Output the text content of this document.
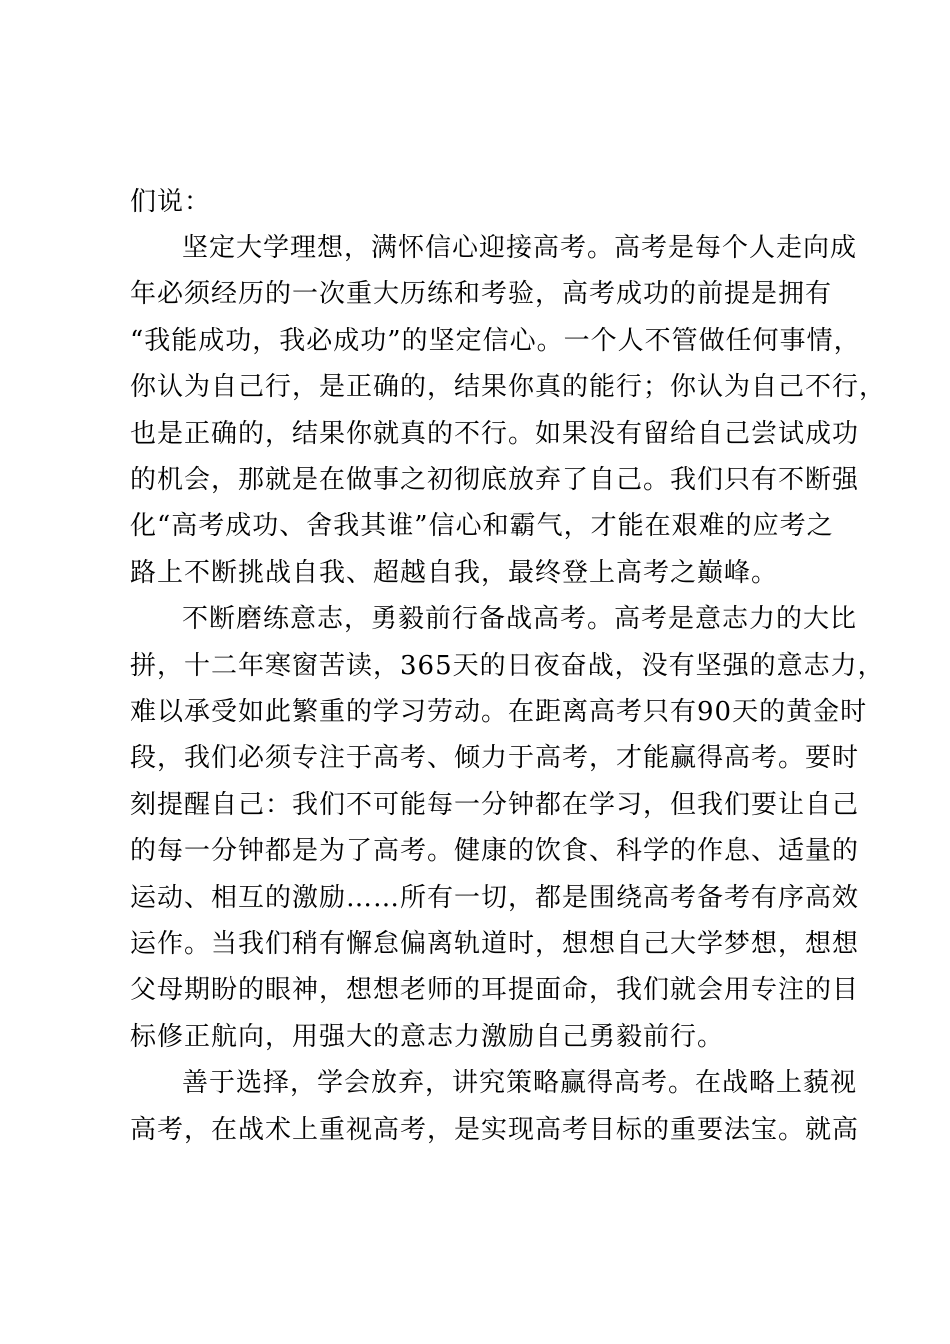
们说：
坚定大学理想，满怀信心迎接高考。高考是每个人走向成
年必须经历的一次重大历练和考验，高考成功的前提是拥有
“我能成功，我必成功”的坚定信心。一个人不管做任何事情，
你认为自己行，是正确的，结果你真的能行；你认为自己不行，
也是正确的，结果你就真的不行。如果没有留给自己尝试成功
的机会，那就是在做事之初彻底放弃了自己。我们只有不断强
化“高考成功、舍我其谁”信心和霸气，才能在艰难的应考之
路上不断挑战自我、超越自我，最终登上高考之巅峰。
不断磨练意志，勇毅前行备战高考。高考是意志力的大比
拼，十二年寒窗苦读，365天的日夜奋战，没有坚强的意志力，
难以承受如此繁重的学习劳动。在距离高考只有90天的黄金时
段，我们必须专注于高考、倾力于高考，才能赢得高考。要时
刻提醒自己：我们不可能每一分钟都在学习，但我们要让自己
的每一分钟都是为了高考。健康的饮食、科学的作息、适量的
运动、相互的激励……所有一切，都是围绕高考备考有序高效
运作。当我们稍有懈怠偏离轨道时，想想自己大学梦想，想想
父母期盼的眼神，想想老师的耳提面命，我们就会用专注的目
标修正航向，用强大的意志力激励自己勇毅前行。
善于选择，学会放弃，讲究策略赢得高考。在战略上藐视
高考，在战术上重视高考，是实现高考目标的重要法宝。就高
